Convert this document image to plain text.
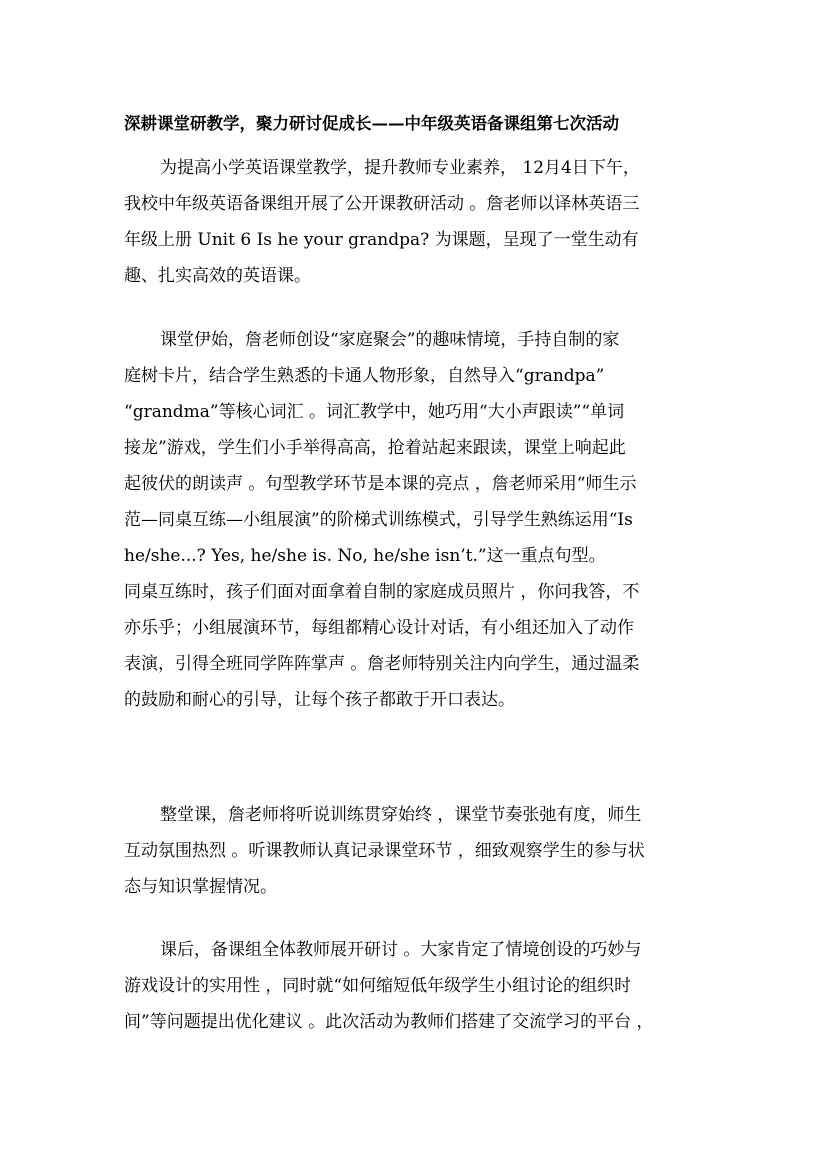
深耕课堂研教学，聚力研讨促成长——中年级英语备课组第七次活动
为提高小学英语课堂教学，提升教师专业素养， 12月4日下午，
我校中年级英语备课组开展了公开课教研活动 。詹老师以译林英语三
年级上册 Unit 6 Is he your grandpa? 为课题，呈现了一堂生动有
趣、扎实高效的英语课。
课堂伊始，詹老师创设“家庭聚会”的趣味情境，手持自制的家
庭树卡片，结合学生熟悉的卡通人物形象，自然导入“grandpa”
“grandma”等核心词汇 。词汇教学中，她巧用“大小声跟读”“单词
接龙”游戏，学生们小手举得高高，抢着站起来跟读，课堂上响起此
起彼伏的朗读声 。句型教学环节是本课的亮点 ，詹老师采用“师生示
范—同桌互练—小组展演”的阶梯式训练模式，引导学生熟练运用“Is
he/she...? Yes, he/she is. No, he/she isn’t.”这一重点句型。
同桌互练时，孩子们面对面拿着自制的家庭成员照片 ，你问我答，不
亦乐乎；小组展演环节，每组都精心设计对话，有小组还加入了动作
表演，引得全班同学阵阵掌声 。詹老师特别关注内向学生，通过温柔
的鼓励和耐心的引导，让每个孩子都敢于开口表达。
整堂课，詹老师将听说训练贯穿始终 ，课堂节奏张弛有度，师生
互动氛围热烈 。听课教师认真记录课堂环节 ，细致观察学生的参与状
态与知识掌握情况。
课后，备课组全体教师展开研讨 。大家肯定了情境创设的巧妙与
游戏设计的实用性 ，同时就“如何缩短低年级学生小组讨论的组织时
间”等问题提出优化建议 。此次活动为教师们搭建了交流学习的平台 ，
